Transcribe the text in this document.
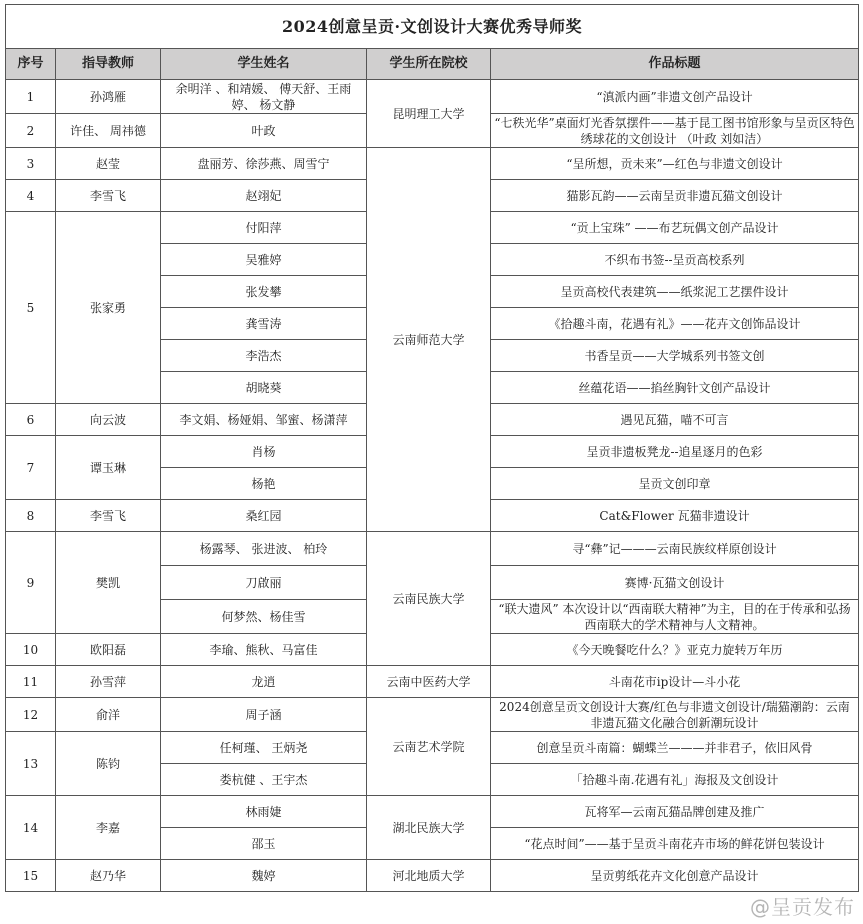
2024创意呈贡·文创设计大赛优秀导师奖				
序号	指导教师	学生姓名	学生所在院校	作品标题
1	孙鸿雁	余明洋 、和靖媛、 傅天舒、王雨婷、 杨文静	昆明理工大学	“滇派内画”非遗文创产品设计
2	许佳、 周祎德	叶政		“七秩光华”桌面灯光香氛摆件——基于昆工图书馆形象与呈贡区特色绣球花的文创设计 （叶政 刘如洁）
3	赵莹	盘丽芳、徐莎燕、周雪宁	云南师范大学	“呈所想，贡未来”—红色与非遗文创设计
4	李雪飞	赵翊妃		猫影瓦韵——云南呈贡非遗瓦猫文创设计
5	张家勇	付阳萍		“贡上宝珠” ——布艺玩偶文创产品设计
		吴雅婷		不织布书签--呈贡高校系列
		张发攀		呈贡高校代表建筑——纸浆泥工艺摆件设计
		龚雪涛		《拾趣斗南，花遇有礼》——花卉文创饰品设计
		李浩杰		书香呈贡——大学城系列书签文创
		胡晓葵		丝蕴花语——掐丝胸针文创产品设计
6	向云波	李文娟、杨娅娟、邹蜜、杨潇萍		遇见瓦猫，喵不可言
7	谭玉琳	肖杨		呈贡非遗板凳龙--追星逐月的色彩
		杨艳		呈贡文创印章
8	李雪飞	桑红园		Cat&Flower 瓦猫非遗设计
9	樊凯	杨露琴、 张进波、 柏玲	云南民族大学	寻“彝”记———云南民族纹样原创设计
		刀啟丽		赛博·瓦猫文创设计
		何梦然、杨佳雪		“联大遗风” 本次设计以“西南联大精神”为主，目的在于传承和弘扬西南联大的学术精神与人文精神。
10	欧阳磊	李瑜、熊秋、马富佳		《今天晚餐吃什么？》亚克力旋转万年历
11	孙雪萍	龙逍	云南中医药大学	斗南花市ip设计—斗小花
12	俞洋	周子涵	云南艺术学院	2024创意呈贡文创设计大赛/红色与非遗文创设计/瑞猫潮韵：云南非遗瓦猫文化融合创新潮玩设计
13	陈钧	任柯瑾、 王炳尧		创意呈贡斗南篇：蝴蝶兰———并非君子，依旧风骨
		娄杭健 、王宇杰		「拾趣斗南.花遇有礼」海报及文创设计
14	李嘉	林雨婕	湖北民族大学	瓦将军—云南瓦猫品牌创建及推广
		邵玉		“花点时间”——基于呈贡斗南花卉市场的鲜花饼包装设计
15	赵乃华	魏婷	河北地质大学	呈贡剪纸花卉文化创意产品设计
@呈贡发布
